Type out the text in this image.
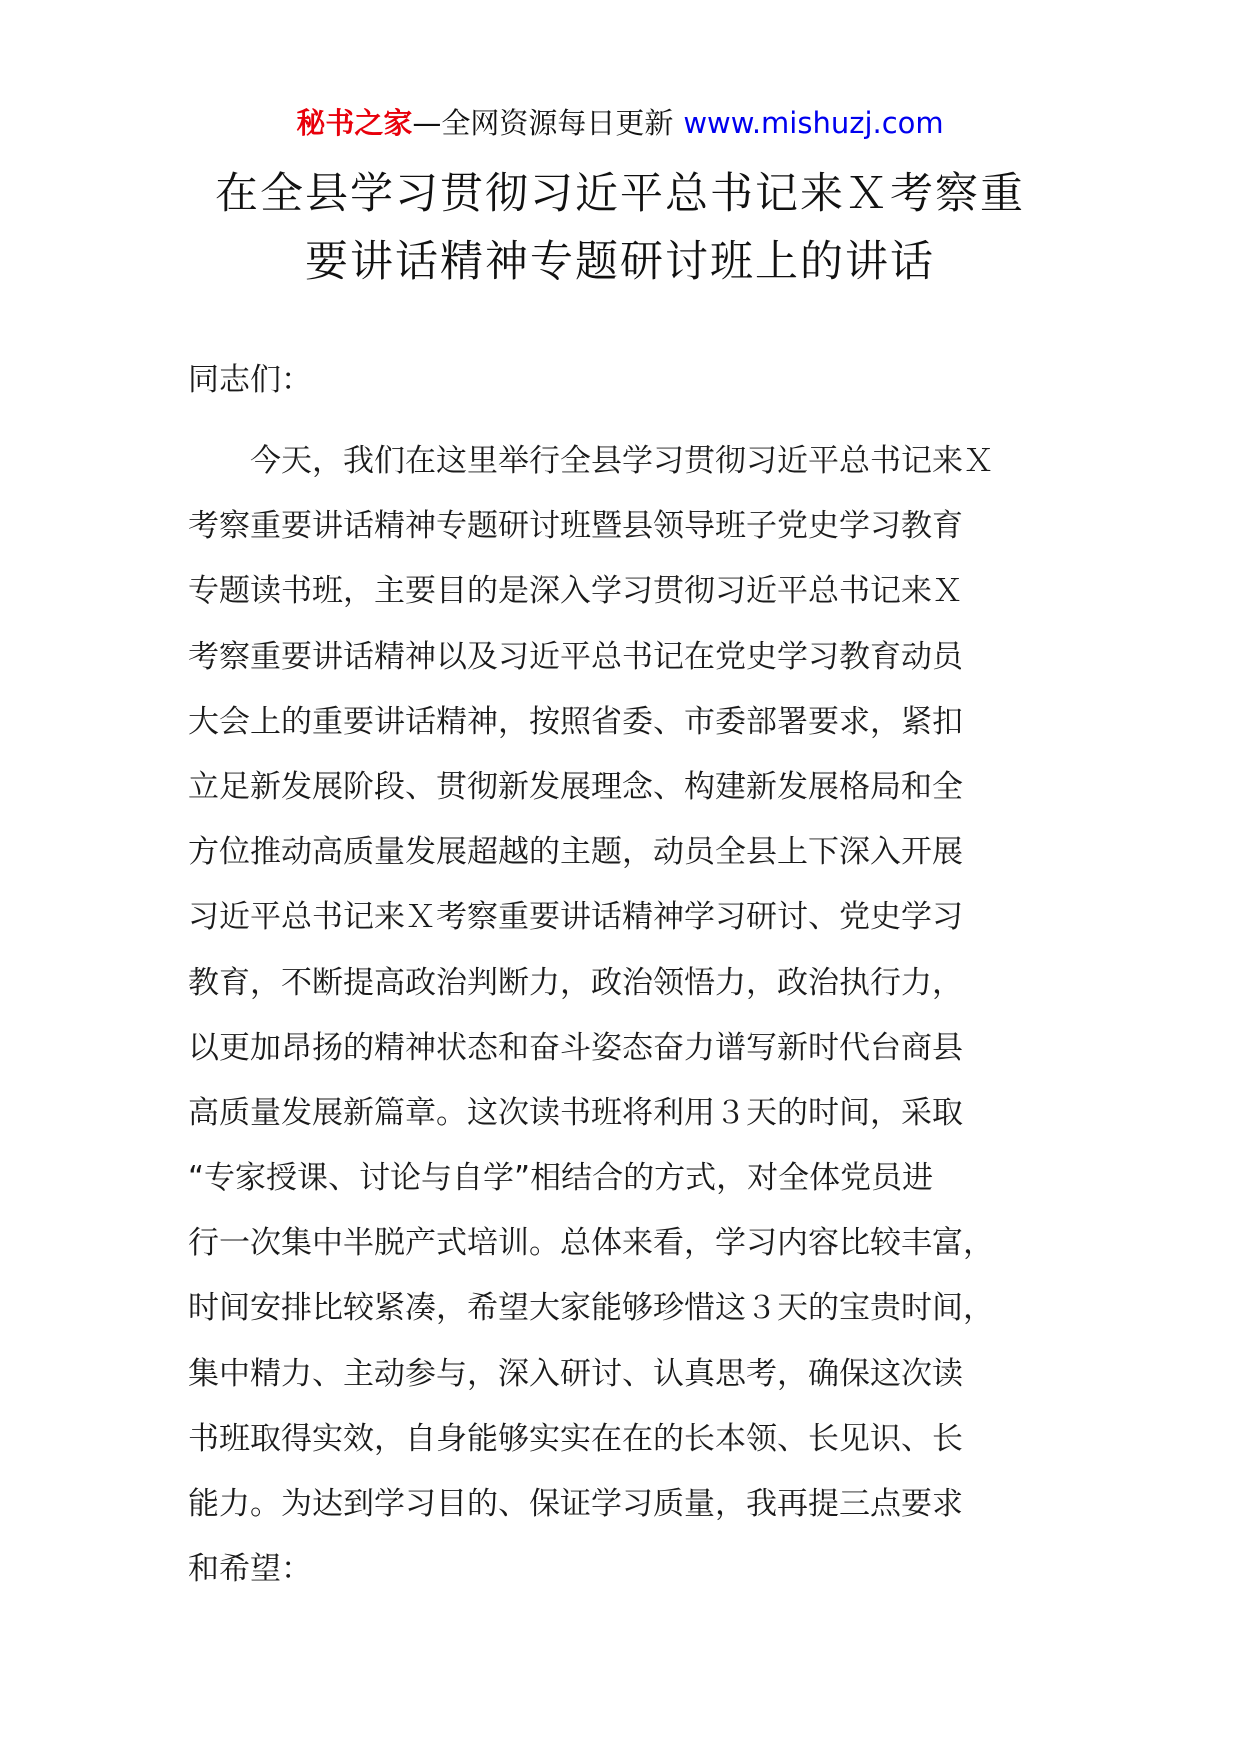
秘书之家—全网资源每日更新 www.mishuzj.com
在全县学习贯彻习近平总书记来Ｘ考察重
要讲话精神专题研讨班上的讲话

同志们：

　　今天，我们在这里举行全县学习贯彻习近平总书记来Ｘ
考察重要讲话精神专题研讨班暨县领导班子党史学习教育
专题读书班，主要目的是深入学习贯彻习近平总书记来Ｘ
考察重要讲话精神以及习近平总书记在党史学习教育动员
大会上的重要讲话精神，按照省委、市委部署要求，紧扣
立足新发展阶段、贯彻新发展理念、构建新发展格局和全
方位推动高质量发展超越的主题，动员全县上下深入开展
习近平总书记来Ｘ考察重要讲话精神学习研讨、党史学习
教育，不断提高政治判断力，政治领悟力，政治执行力，
以更加昂扬的精神状态和奋斗姿态奋力谱写新时代台商县
高质量发展新篇章。这次读书班将利用３天的时间，采取
“专家授课、讨论与自学”相结合的方式，对全体党员进
行一次集中半脱产式培训。总体来看，学习内容比较丰富，
时间安排比较紧凑，希望大家能够珍惜这３天的宝贵时间，
集中精力、主动参与，深入研讨、认真思考，确保这次读
书班取得实效，自身能够实实在在的长本领、长见识、长
能力。为达到学习目的、保证学习质量，我再提三点要求
和希望：
